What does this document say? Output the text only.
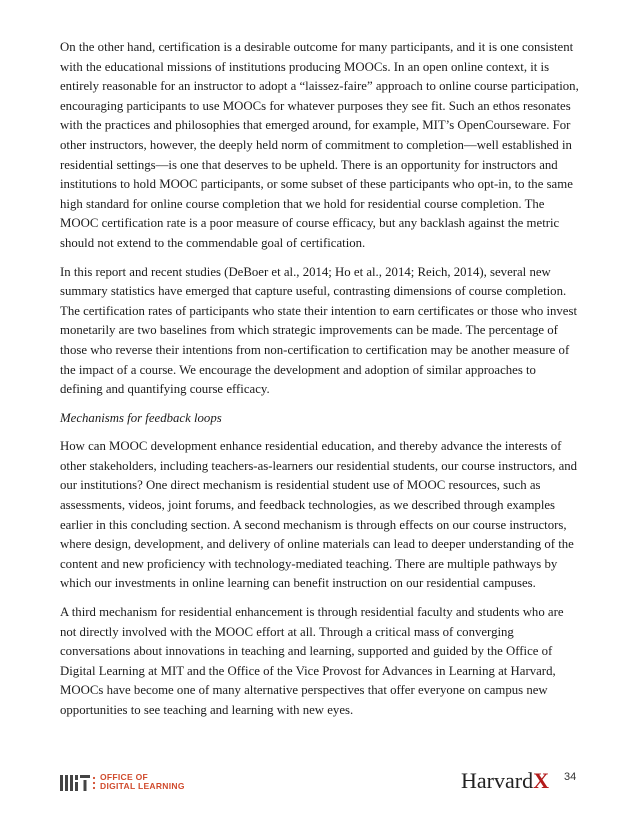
On the other hand, certification is a desirable outcome for many participants, and it is one consistent with the educational missions of institutions producing MOOCs. In an open online context, it is entirely reasonable for an instructor to adopt a “laissez-faire” approach to online course participation, encouraging participants to use MOOCs for whatever purposes they see fit. Such an ethos resonates with the practices and philosophies that emerged around, for example, MIT’s OpenCourseware. For other instructors, however, the deeply held norm of commitment to completion—well established in residential settings—is one that deserves to be upheld. There is an opportunity for instructors and institutions to hold MOOC participants, or some subset of these participants who opt-in, to the same high standard for online course completion that we hold for residential course completion. The MOOC certification rate is a poor measure of course efficacy, but any backlash against the metric should not extend to the commendable goal of certification.

In this report and recent studies (DeBoer et al., 2014; Ho et al., 2014; Reich, 2014), several new summary statistics have emerged that capture useful, contrasting dimensions of course completion. The certification rates of participants who state their intention to earn certificates or those who invest monetarily are two baselines from which strategic improvements can be made. The percentage of those who reverse their intentions from non-certification to certification may be another measure of the impact of a course. We encourage the development and adoption of similar approaches to defining and quantifying course efficacy.

Mechanisms for feedback loops

How can MOOC development enhance residential education, and thereby advance the interests of other stakeholders, including teachers-as-learners our residential students, our course instructors, and our institutions? One direct mechanism is residential student use of MOOC resources, such as assessments, videos, joint forums, and feedback technologies, as we described through examples earlier in this concluding section. A second mechanism is through effects on our course instructors, where design, development, and delivery of online materials can lead to deeper understanding of the content and new proficiency with technology-mediated teaching. There are multiple pathways by which our investments in online learning can benefit instruction on our residential campuses.

A third mechanism for residential enhancement is through residential faculty and students who are not directly involved with the MOOC effort at all. Through a critical mass of converging conversations about innovations in teaching and learning, supported and guided by the Office of Digital Learning at MIT and the Office of the Vice Provost for Advances in Learning at Harvard, MOOCs have become one of many alternative perspectives that offer everyone on campus new opportunities to see teaching and learning with new eyes.

OFFICE OF
DIGITAL LEARNING	HarvardX 34
